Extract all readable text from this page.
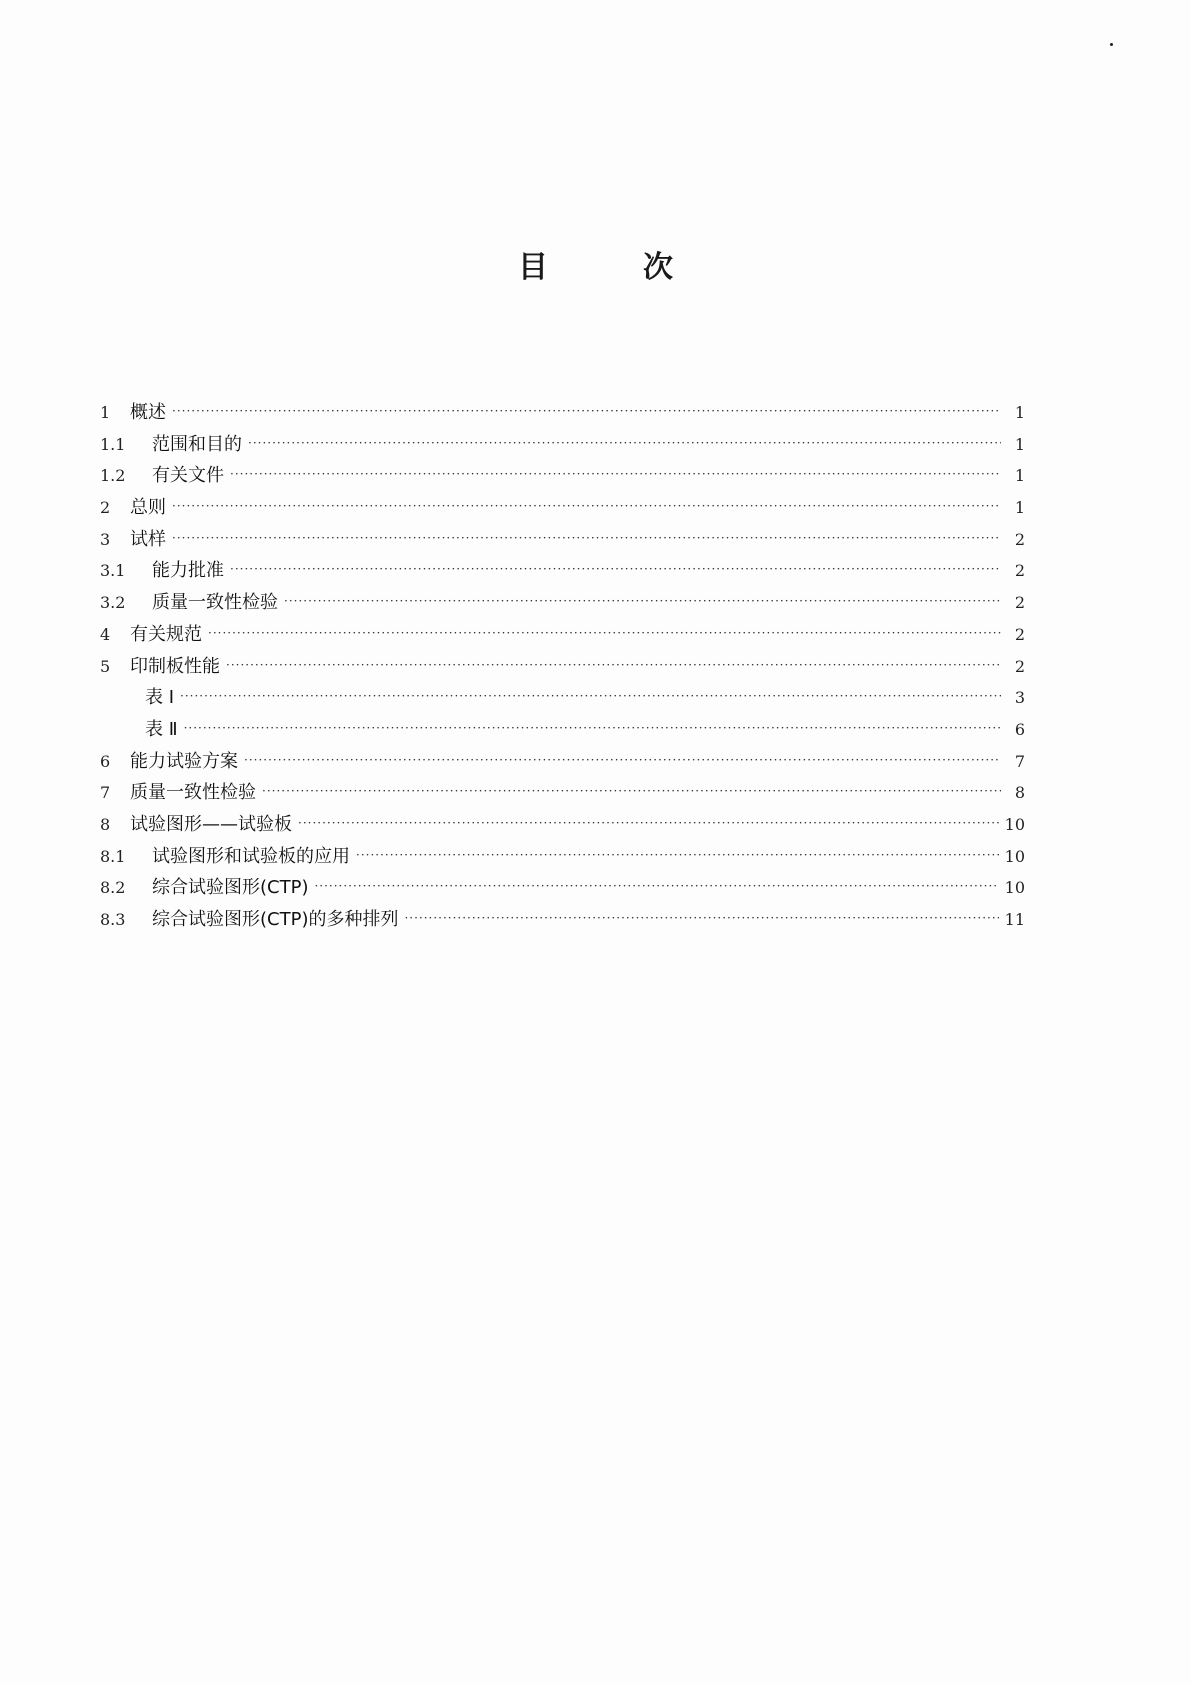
目	次
1	概述 ·····	1
1.1	范围和目的 ·····	1
1.2	有关文件 ·····	1
2	总则 ·····	1
3	试样 ·····	2
3.1	能力批准 ·····	2
3.2	质量一致性检验 ·····	2
4	有关规范 ·····	2
5	印制板性能 ·····	2
表 I ·····	3
表 Ⅱ ·····	6
6	能力试验方案 ·····	7
7	质量一致性检验 ·····	8
8	试验图形——试验板 ·····	10
8.1	试验图形和试验板的应用 ·····	10
8.2	综合试验图形(CTP) ·····	10
8.3	综合试验图形(CTP)的多种排列 ·····	11
